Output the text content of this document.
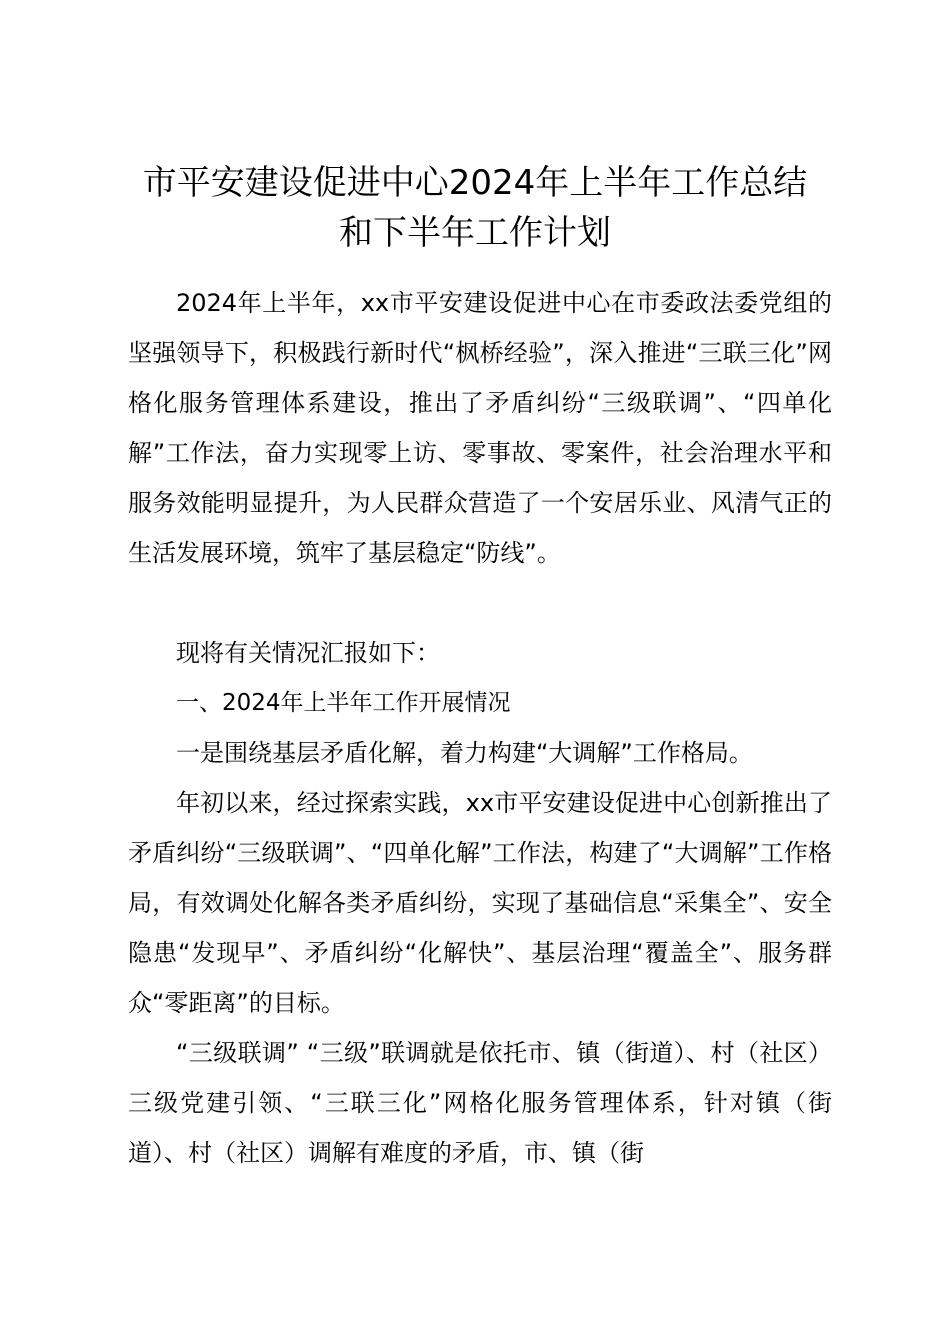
市平安建设促进中心2024年上半年工作总结
和下半年工作计划

2024年上半年，xx市平安建设促进中心在市委政法委党组的坚强领导下，积极践行新时代“枫桥经验”，深入推进“三联三化”网格化服务管理体系建设，推出了矛盾纠纷“三级联调”、“四单化解”工作法，奋力实现零上访、零事故、零案件，社会治理水平和服务效能明显提升，为人民群众营造了一个安居乐业、风清气正的生活发展环境，筑牢了基层稳定“防线”。

现将有关情况汇报如下：

一、2024年上半年工作开展情况

一是围绕基层矛盾化解，着力构建“大调解”工作格局。

年初以来，经过探索实践，xx市平安建设促进中心创新推出了矛盾纠纷“三级联调”、“四单化解”工作法，构建了“大调解”工作格局，有效调处化解各类矛盾纠纷，实现了基础信息“采集全”、安全隐患“发现早”、矛盾纠纷“化解快”、基层治理“覆盖全”、服务群众“零距离”的目标。

“三级联调” “三级”联调就是依托市、镇（街道）、村（社区）三级党建引领、“三联三化”网格化服务管理体系，针对镇（街道）、村（社区）调解有难度的矛盾，市、镇（街
